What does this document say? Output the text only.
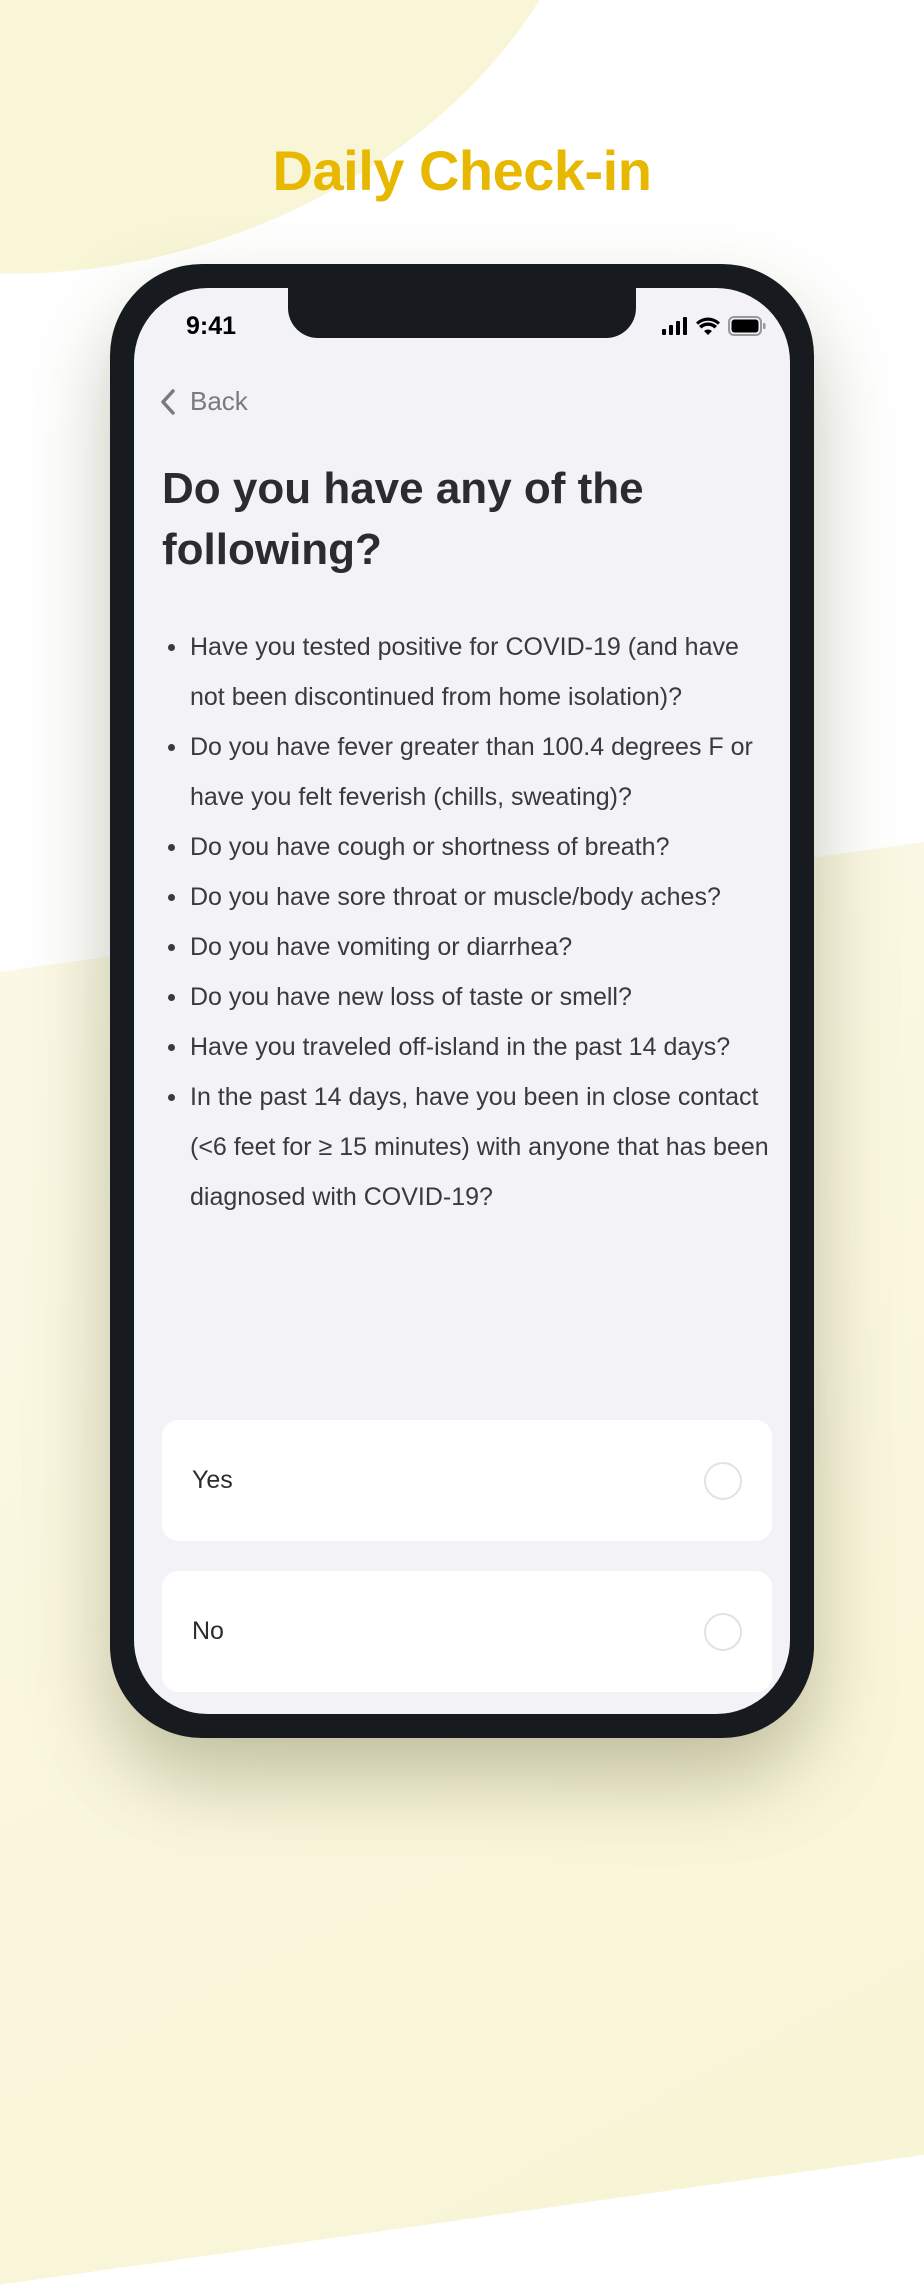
Daily Check-in
9:41
Back
Do you have any of the following?
Have you tested positive for COVID-19 (and have not been discontinued from home isolation)?
Do you have fever greater than 100.4 degrees F or have you felt feverish (chills, sweating)?
Do you have cough or shortness of breath?
Do you have sore throat or muscle/body aches?
Do you have vomiting or diarrhea?
Do you have new loss of taste or smell?
Have you traveled off-island in the past 14 days?
In the past 14 days, have you been in close contact (<6 feet for ≥ 15 minutes) with anyone that has been diagnosed with COVID-19?
Yes
No
